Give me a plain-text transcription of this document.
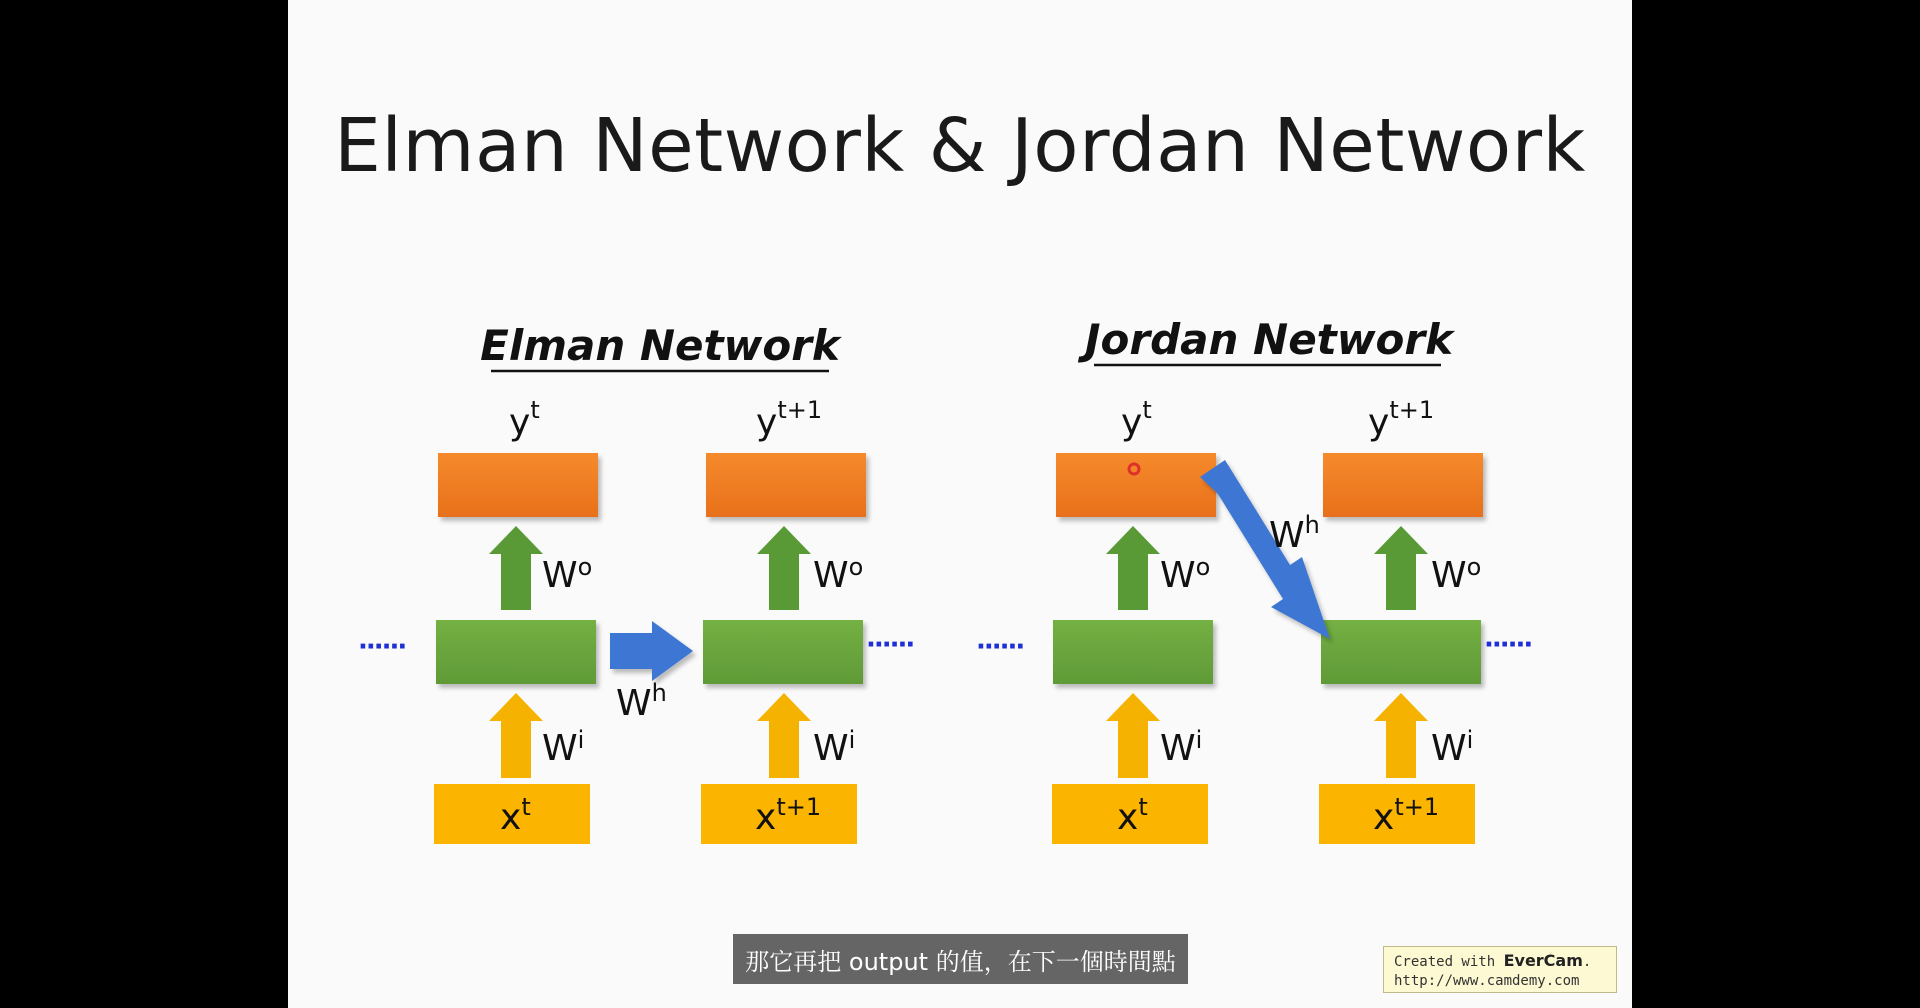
Elman Network & Jordan Network
Elman Network
$y^t$	$y^{t+1}$
$W^o$	$W^o$
······	······
$W^h$
$W^i$	$W^i$
$x^t$	$x^{t+1}$
Jordan Network
$y^t$	$y^{t+1}$
$W^o$	$W^o$
······	······
$W^h$
$W^i$	$W^i$
$x^t$	$x^{t+1}$
那它再把 output 的值，在下一個時間點	Created with EverCam.
http://www.camdemy.com
